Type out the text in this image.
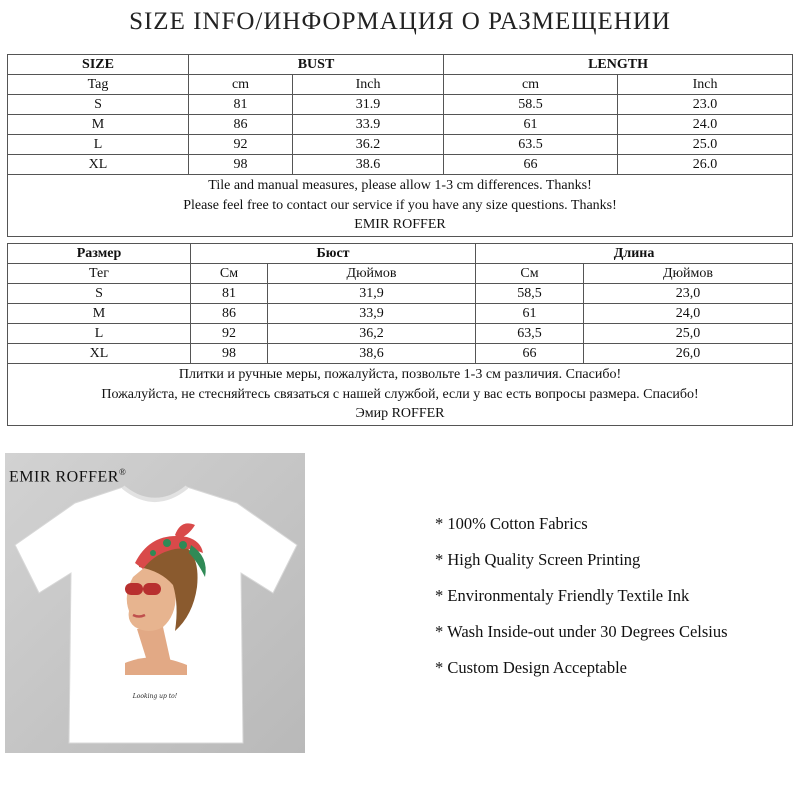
SIZE INFO/ИНФОРМАЦИЯ О РАЗМЕЩЕНИИ
SIZE	BUST		LENGTH	
Tag	cm	Inch	cm	Inch
S	81	31.9	58.5	23.0
M	86	33.9	61	24.0
L	92	36.2	63.5	25.0
XL	98	38.6	66	26.0

Tile and manual measures, please allow 1-3 cm differences. Thanks!
Please feel free to contact our service if you have any size questions. Thanks!
EMIR ROFFER				
Размер	Бюст		Длина	
Тег	См	Дюймов	См	Дюймов
S	81	31,9	58,5	23,0
M	86	33,9	61	24,0
L	92	36,2	63,5	25,0
XL	98	38,6	66	26,0

Плитки и ручные меры, пожалуйста, позвольте 1-3 см различия. Спасибо!
Пожалуйста, не стесняйтесь связаться с нашей службой, если у вас есть вопросы размера. Спасибо!
Эмир ROFFER				
Looking up to!
EMIR ROFFER®
* 100% Cotton Fabrics
* High Quality Screen Printing
* Environmentaly Friendly Textile Ink
* Wash Inside-out under 30 Degrees Celsius
* Custom Design Acceptable
